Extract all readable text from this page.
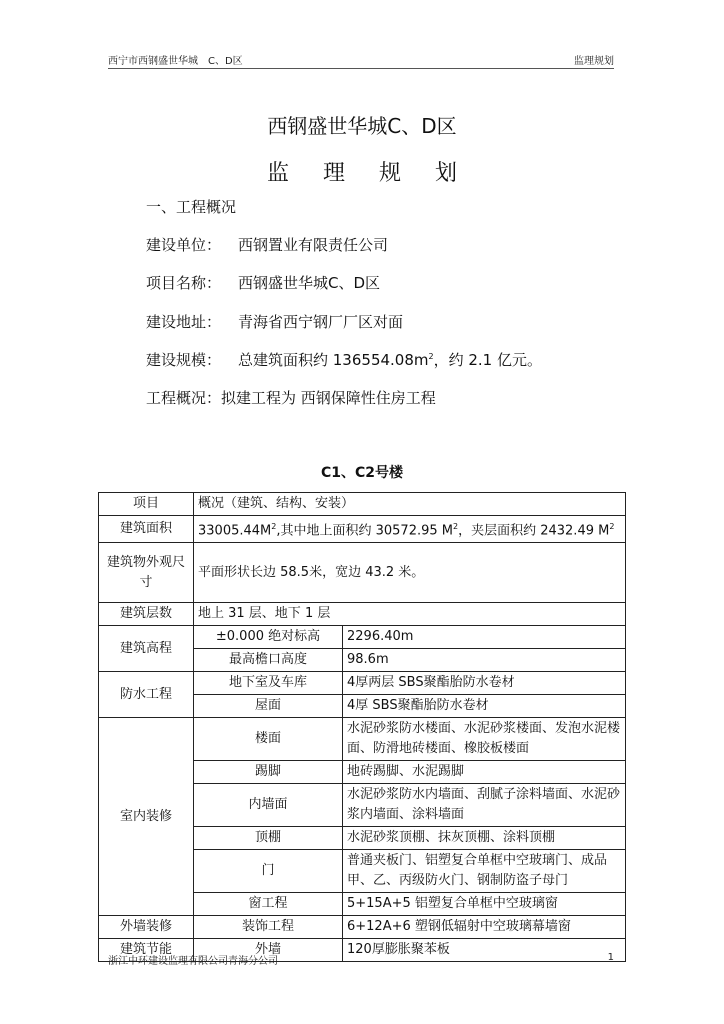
西宁市西钢盛世华城　C、D区	监理规划
西钢盛世华城C、D区
监理规划
一、工程概况
建设单位： 西钢置业有限责任公司
项目名称： 西钢盛世华城C、D区
建设地址： 青海省西宁钢厂厂区对面
建设规模： 总建筑面积约 $136554.08m^2$，约 2.1 亿元。
工程概况：拟建工程为 西钢保障性住房工程
C1、C2号楼
项目	概况（建筑、结构、安装）	
建筑面积	$33005.44M^2$,其中地上面积约 30572.95 $M^2$，夹层面积约 2432.49 $M^2$
建筑物外观尺寸	平面形状长边 58.5米，宽边 43.2 米。	
建筑层数	地上 31 层、地下 1 层	
建筑高程	±0.000 绝对标高	2296.40m
	最高檐口高度	98.6m
防水工程	地下室及车库	4厚两层 SBS聚酯胎防水卷材
	屋面	4厚 SBS聚酯胎防水卷材
室内装修	楼面	水泥砂浆防水楼面、水泥砂浆楼面、发泡水泥楼面、防滑地砖楼面、橡胶板楼面
	踢脚	地砖踢脚、水泥踢脚
	内墙面	水泥砂浆防水内墙面、刮腻子涂料墙面、水泥砂浆内墙面、涂料墙面
	顶棚	水泥砂浆顶棚、抹灰顶棚、涂料顶棚
	门	普通夹板门、铝塑复合单框中空玻璃门、成品甲、乙、丙级防火门、钢制防盗子母门
	窗工程	5+15A+5 铝塑复合单框中空玻璃窗
外墙装修	装饰工程	6+12A+6 塑钢低辐射中空玻璃幕墙窗
建筑节能	外墙	120厚膨胀聚苯板
浙江中环建设监理有限公司青海分公司	1
